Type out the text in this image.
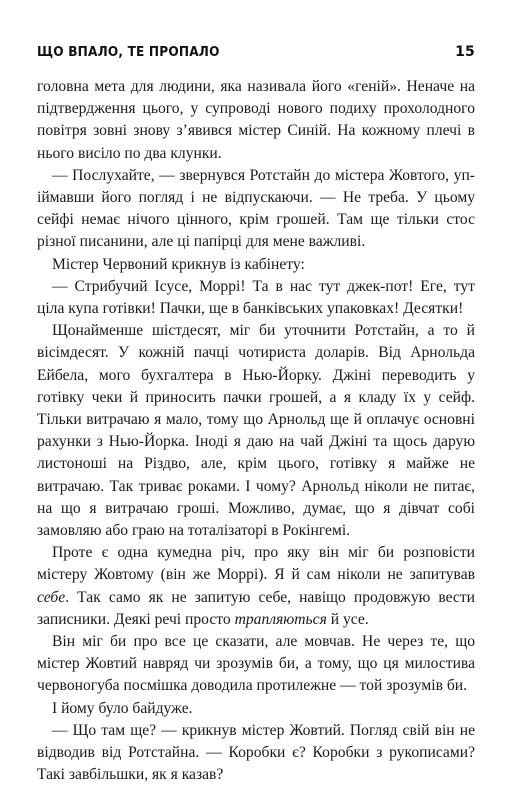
ЩО ВПАЛО, ТЕ ПРОПАЛО	15

головна мета для людини, яка називала його «геній». Неначе на підтвердження цього, у супроводі нового подиху прохолодного повітря зовні знову з’явився містер Синій. На кожному плечі в нього висіло по два клунки.

— Послухайте, — звернувся Ротстайн до містера Жовтого, упіймавши його погляд і не відпускаючи. — Не треба. У цьому сейфі немає нічого цінного, крім грошей. Там ще тільки стос різної писанини, але ці папірці для мене важливі.

Містер Червоний крикнув із кабінету:

— Стрибучий Ісусе, Моррі! Та в нас тут джек-пот! Еге, тут ціла купа готівки! Пачки, ще в банківських упаковках! Десятки!

Щонайменше шістдесят, міг би уточнити Ротстайн, а то й вісімдесят. У кожній пачці чотириста доларів. Від Арнольда Ейбела, мого бухгалтера в Нью-Йорку. Джіні переводить у готівку чеки й приносить пачки грошей, а я кладу їх у сейф. Тільки витрачаю я мало, тому що Арнольд ще й оплачує основні рахунки з Нью-Йорка. Іноді я даю на чай Джіні та щось дарую листоноші на Різдво, але, крім цього, готівку я майже не витрачаю. Так триває роками. І чому? Арнольд ніколи не питає, на що я витрачаю гроші. Можливо, думає, що я дівчат собі замовляю або граю на тоталізаторі в Рокінгемі.

Проте є одна кумедна річ, про яку він міг би розповісти містеру Жовтому (він же Моррі). Я й сам ніколи не запитував себе. Так само як не запитую себе, навіщо продовжую вести записники. Деякі речі просто трапляються й усе.

Він міг би про все це сказати, але мовчав. Не через те, що містер Жовтий навряд чи зрозумів би, а тому, що ця милостива червоногуба посмішка доводила протилежне — той зрозумів би.

І йому було байдуже.

— Що там ще? — крикнув містер Жовтий. Погляд свій він не відводив від Ротстайна. — Коробки є? Коробки з рукописами? Такі завбільшки, як я казав?
